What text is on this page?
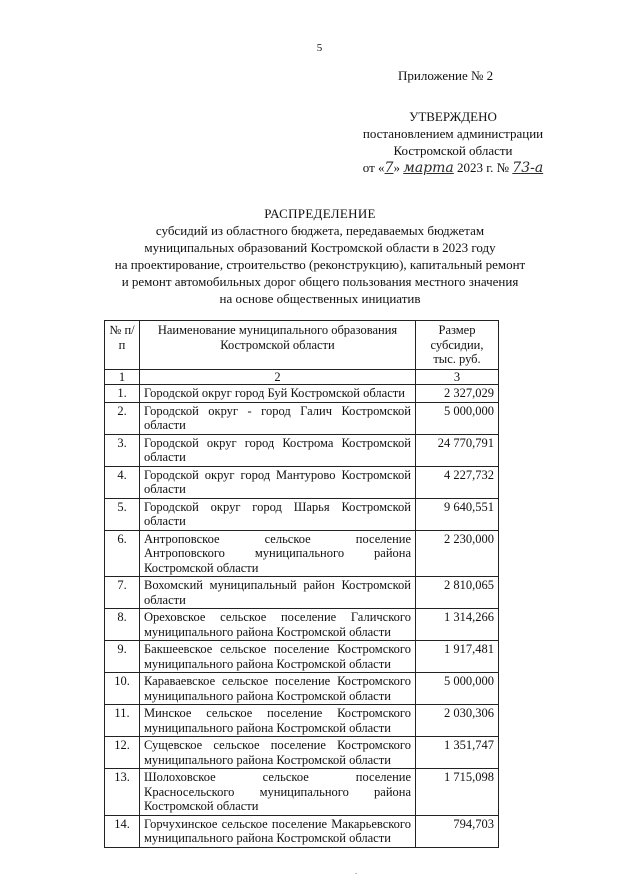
5
Приложение № 2
УТВЕРЖДЕНО
постановлением администрации
Костромской области
от «7» марта 2023 г. № 73-а
РАСПРЕДЕЛЕНИЕ
субсидий из областного бюджета, передаваемых бюджетам
муниципальных образований Костромской области в 2023 году
на проектирование, строительство (реконструкцию), капитальный ремонт
и ремонт автомобильных дорог общего пользования местного значения
на основе общественных инициатив
№ п/п	Наименование муниципального образования Костромской области	Размер субсидии, тыс. руб.
1	2	3
1.	Городской округ город Буй Костромской области	2 327,029
2.	Городской округ - город Галич Костромской области	5 000,000
3.	Городской округ город Кострома Костромской области	24 770,791
4.	Городской округ город Мантурово Костромской области	4 227,732
5.	Городской округ город Шарья Костромской области	9 640,551
6.	Антроповское сельское поселение Антроповского муниципального района Костромской области	2 230,000
7.	Вохомский муниципальный район Костромской области	2 810,065
8.	Ореховское сельское поселение Галичского муниципального района Костромской области	1 314,266
9.	Бакшеевское сельское поселение Костромского муниципального района Костромской области	1 917,481
10.	Караваевское сельское поселение Костромского муниципального района Костромской области	5 000,000
11.	Минское сельское поселение Костромского муниципального района Костромской области	2 030,306
12.	Сущевское сельское поселение Костромского муниципального района Костромской области	1 351,747
13.	Шолоховское сельское поселение Красносельского муниципального района Костромской области	1 715,098
14.	Горчухинское сельское поселение Макарьевского муниципального района Костромской области	794,703
.
